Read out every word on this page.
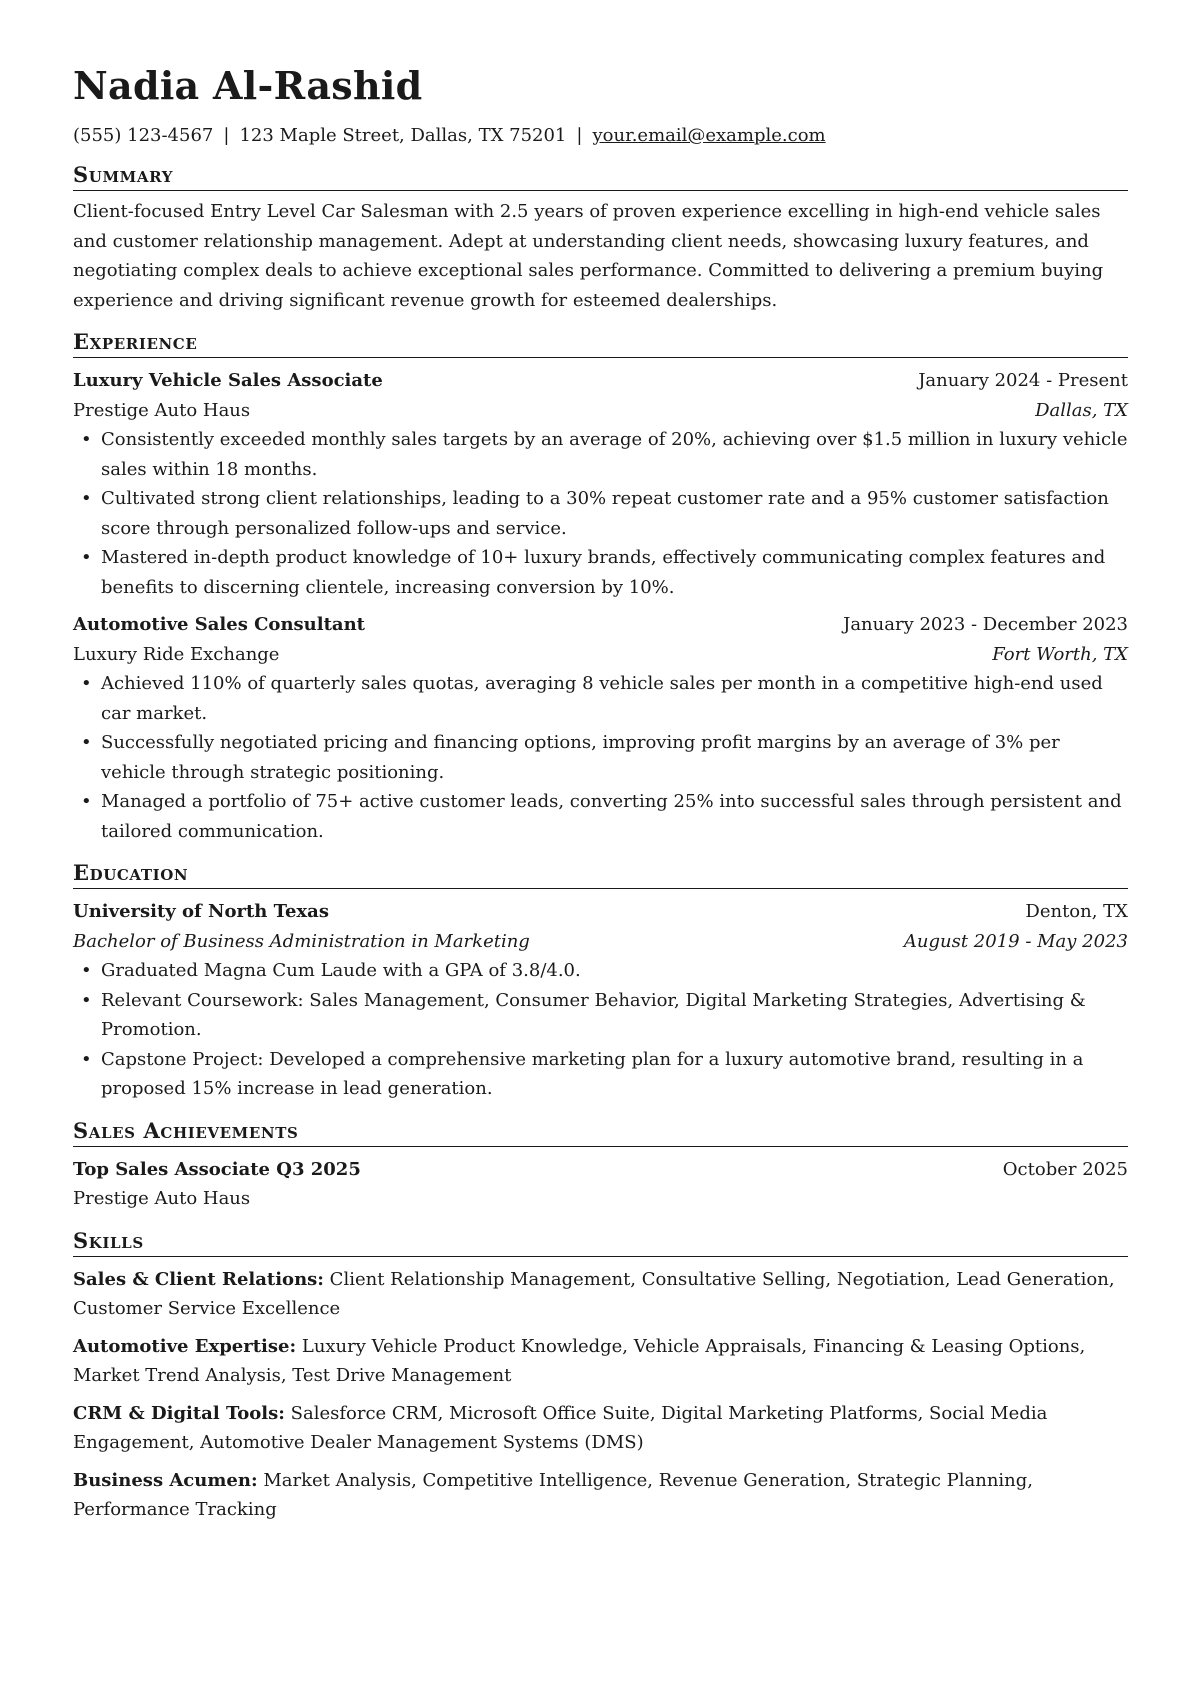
Nadia Al-Rashid
(555) 123-4567 | 123 Maple Street, Dallas, TX 75201 | your.email@example.com
Summary
Client-focused Entry Level Car Salesman with 2.5 years of proven experience excelling in high-end vehicle sales and customer relationship management. Adept at understanding client needs, showcasing luxury features, and negotiating complex deals to achieve exceptional sales performance. Committed to delivering a premium buying experience and driving significant revenue growth for esteemed dealerships.
Experience
Luxury Vehicle Sales Associate	January 2024 - Present
Prestige Auto Haus	Dallas, TX
• Consistently exceeded monthly sales targets by an average of 20%, achieving over $1.5 million in luxury vehicle sales within 18 months.
• Cultivated strong client relationships, leading to a 30% repeat customer rate and a 95% customer satisfaction score through personalized follow-ups and service.
• Mastered in-depth product knowledge of 10+ luxury brands, effectively communicating complex features and benefits to discerning clientele, increasing conversion by 10%.
Automotive Sales Consultant	January 2023 - December 2023
Luxury Ride Exchange	Fort Worth, TX
• Achieved 110% of quarterly sales quotas, averaging 8 vehicle sales per month in a competitive high-end used car market.
• Successfully negotiated pricing and financing options, improving profit margins by an average of 3% per vehicle through strategic positioning.
• Managed a portfolio of 75+ active customer leads, converting 25% into successful sales through persistent and tailored communication.
Education
University of North Texas	Denton, TX
Bachelor of Business Administration in Marketing	August 2019 - May 2023
• Graduated Magna Cum Laude with a GPA of 3.8/4.0.
• Relevant Coursework: Sales Management, Consumer Behavior, Digital Marketing Strategies, Advertising & Promotion.
• Capstone Project: Developed a comprehensive marketing plan for a luxury automotive brand, resulting in a proposed 15% increase in lead generation.
Sales Achievements
Top Sales Associate Q3 2025	October 2025
Prestige Auto Haus
Skills
Sales & Client Relations: Client Relationship Management, Consultative Selling, Negotiation, Lead Generation, Customer Service Excellence
Automotive Expertise: Luxury Vehicle Product Knowledge, Vehicle Appraisals, Financing & Leasing Options, Market Trend Analysis, Test Drive Management
CRM & Digital Tools: Salesforce CRM, Microsoft Office Suite, Digital Marketing Platforms, Social Media Engagement, Automotive Dealer Management Systems (DMS)
Business Acumen: Market Analysis, Competitive Intelligence, Revenue Generation, Strategic Planning, Performance Tracking
